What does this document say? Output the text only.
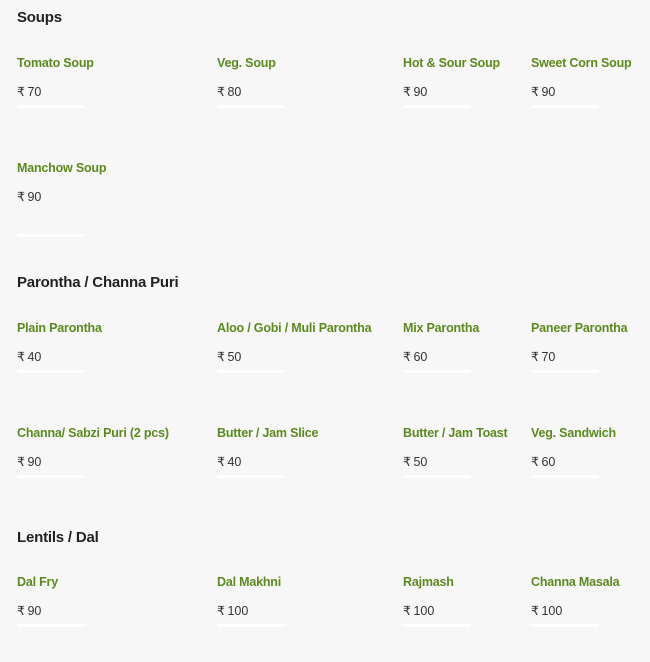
Soups
Tomato Soup
₹  70
Veg. Soup
₹  80
Hot & Sour Soup
₹  90
Sweet Corn Soup
₹  90
Manchow Soup
₹  90
Parontha / Channa Puri
Plain Parontha
₹  40
Aloo / Gobi / Muli Parontha
₹  50
Mix Parontha
₹  60
Paneer Parontha
₹  70
Channa/ Sabzi Puri (2 pcs)
₹  90
Butter / Jam Slice
₹  40
Butter / Jam Toast
₹  50
Veg. Sandwich
₹  60
Lentils / Dal
Dal Fry
₹  90
Dal Makhni
₹  100
Rajmash
₹  100
Channa Masala
₹  100
